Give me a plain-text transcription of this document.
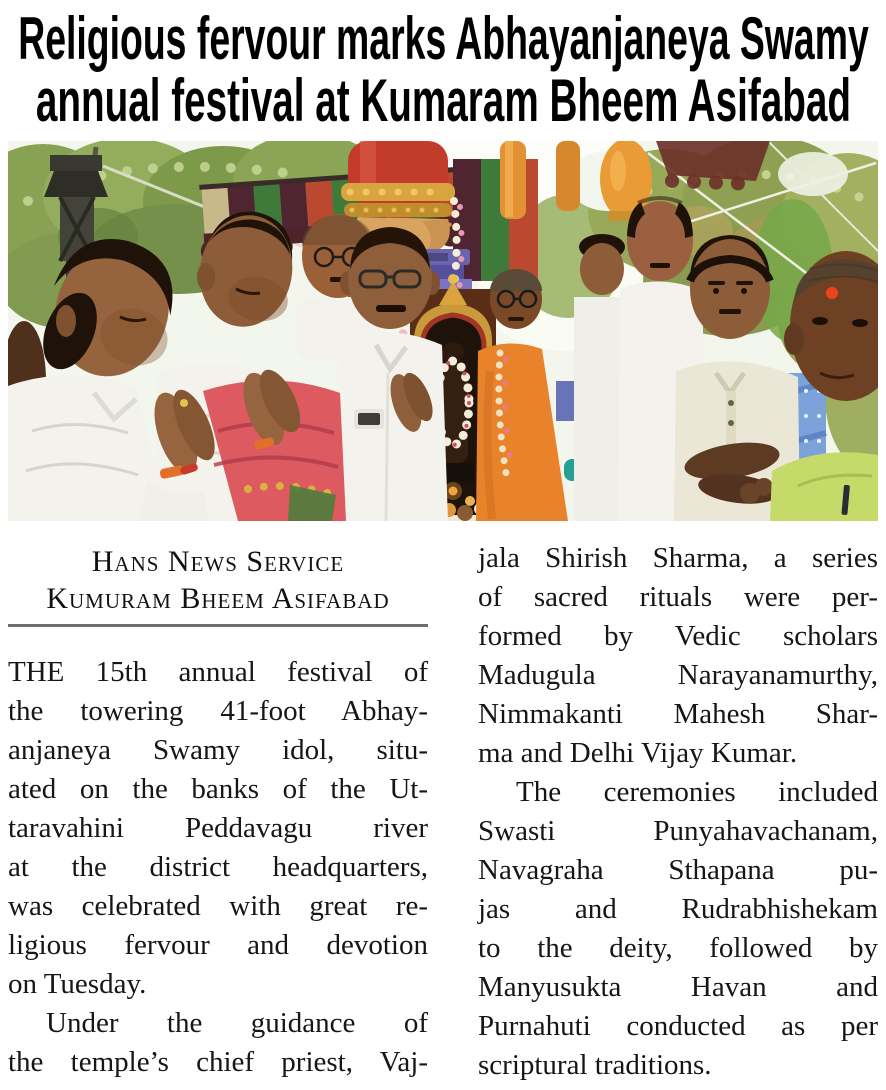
Religious fervour marks Abhayanjaneya Swamy
annual festival at Kumaram Bheem Asifabad
Hans News Service
Kumuram Bheem Asifabad
THE 15th annual festival of
the towering 41-foot Abhay-
anjaneya Swamy idol, situ-
ated on the banks of the Ut-
taravahini Peddavagu river
at the district headquarters,
was celebrated with great re-
ligious fervour and devotion
on Tuesday.
Under the guidance of
the temple’s chief priest, Vaj-
jala Shirish Sharma, a series
of sacred rituals were per-
formed by Vedic scholars
Madugula Narayanamurthy,
Nimmakanti Mahesh Shar-
ma and Delhi Vijay Kumar.
The ceremonies included
Swasti Punyahavachanam,
Navagraha Sthapana pu-
jas and Rudrabhishekam
to the deity, followed by
Manyusukta Havan and
Purnahuti conducted as per
scriptural traditions.
